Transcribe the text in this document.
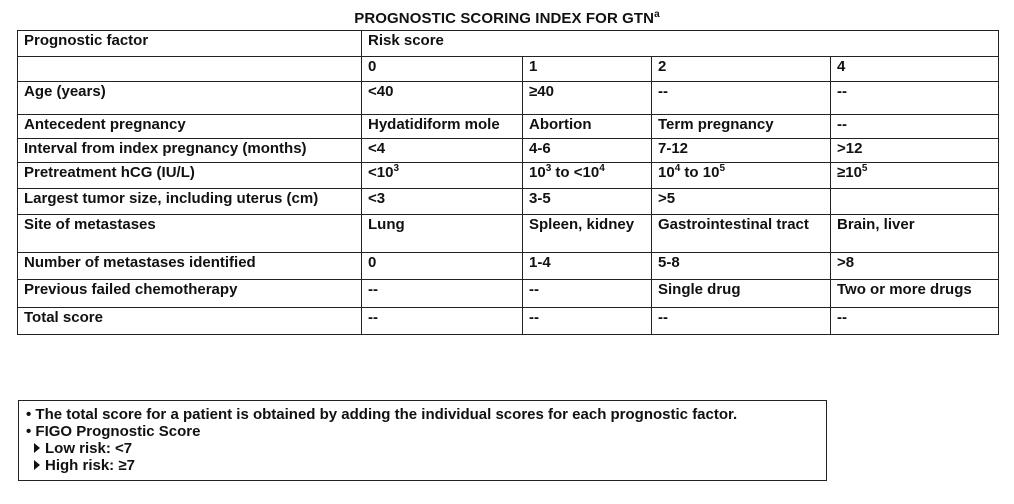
PROGNOSTIC SCORING INDEX FOR GTN$^a$
Prognostic factor	Risk score			
	0	1	2	4
Age (years)	<40	≥40	--	--
Antecedent pregnancy	Hydatidiform mole	Abortion	Term pregnancy	--
Interval from index pregnancy (months)	<4	4-6	7-12	>12
Pretreatment hCG (IU/L)	$<10^3$	$10^3$ to $<10^4$	$10^4$ to $10^5$	$\ge 10^5$
Largest tumor size, including uterus (cm)	<3	3-5	>5	
Site of metastases	Lung	Spleen, kidney	Gastrointestinal tract	Brain, liver
Number of metastases identified	0	1-4	5-8	>8
Previous failed chemotherapy	--	--	Single drug	Two or more drugs
Total score	--	--	--	--
• The total score for a patient is obtained by adding the individual scores for each prognostic factor.
• FIGO Prognostic Score
Low risk: <7
High risk: ≥7
